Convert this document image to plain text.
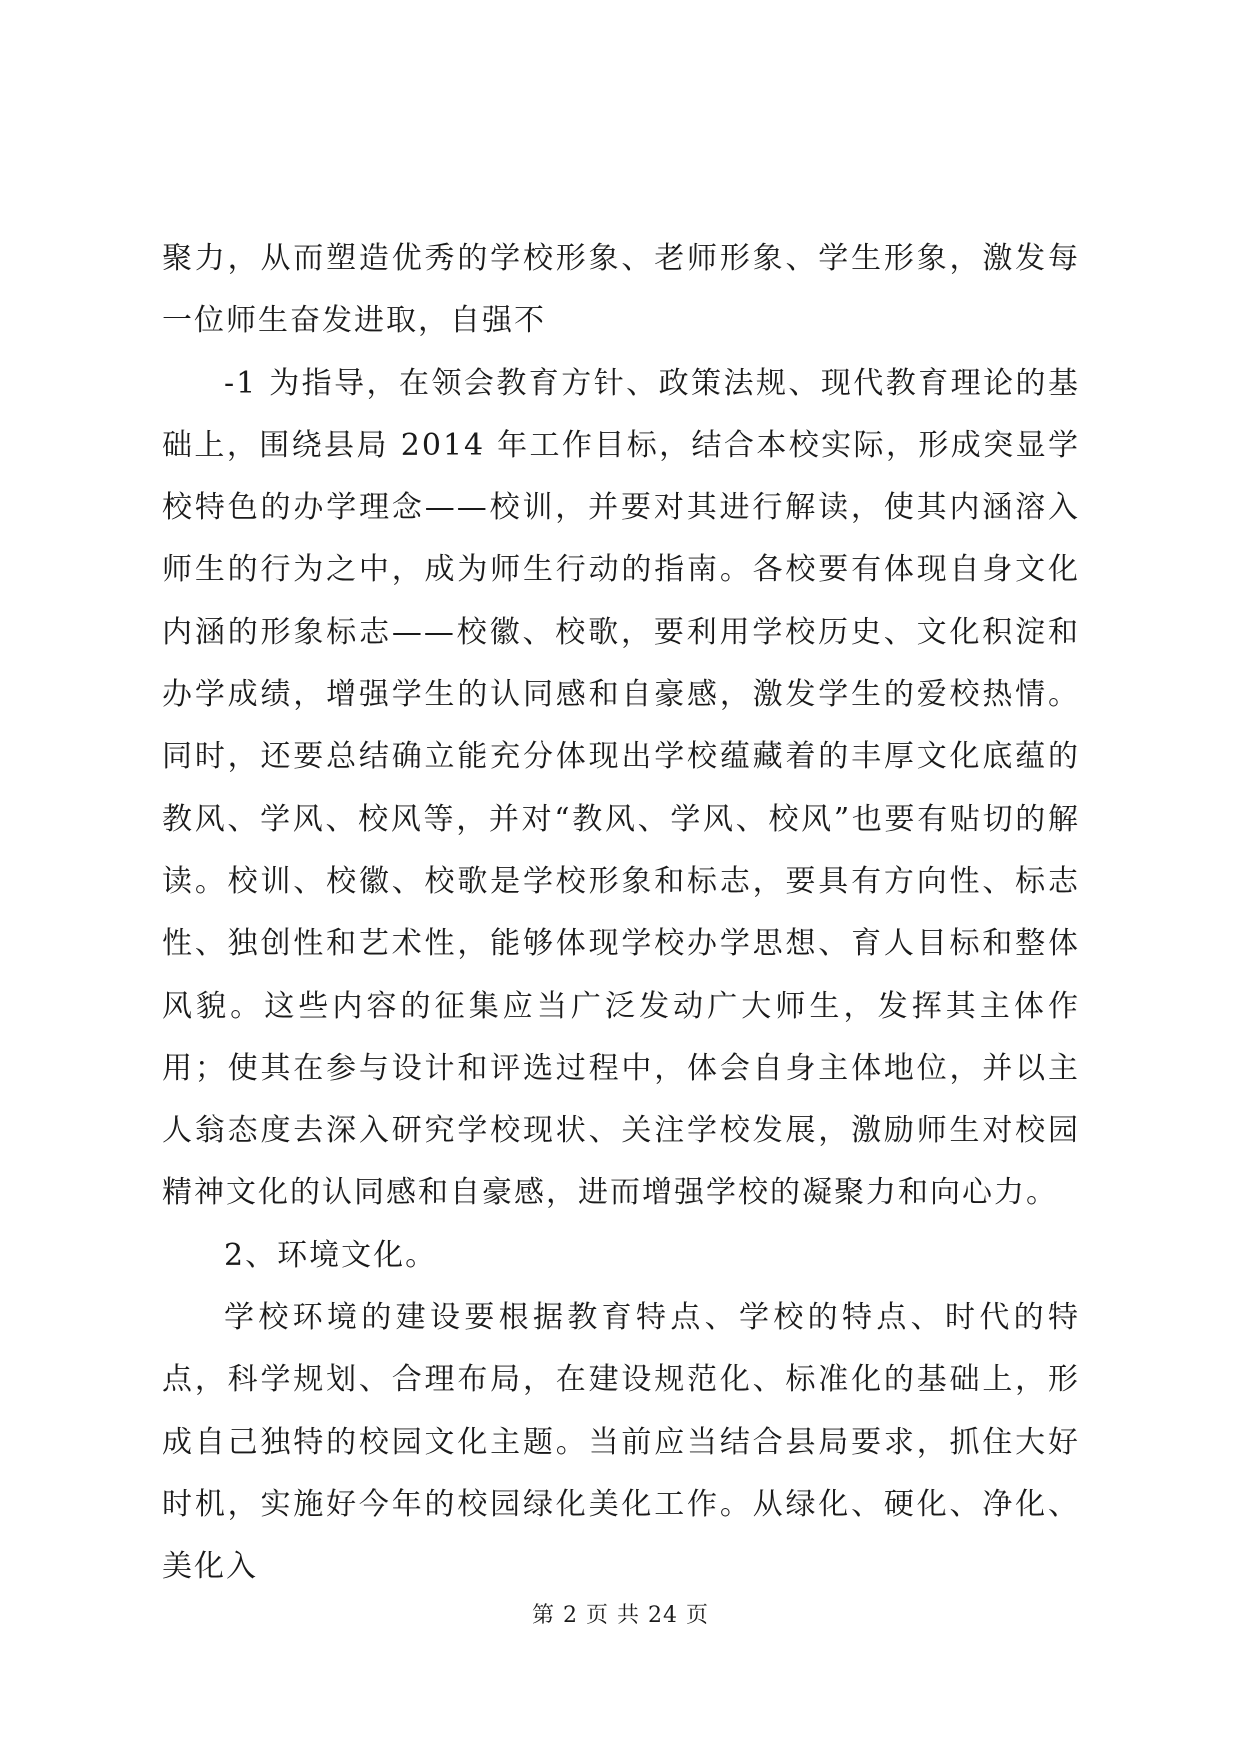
聚力，从而塑造优秀的学校形象、老师形象、学生形象，激发每一位师生奋发进取，自强不

-1 为指导，在领会教育方针、政策法规、现代教育理论的基础上，围绕县局 2014 年工作目标，结合本校实际，形成突显学校特色的办学理念——校训，并要对其进行解读，使其内涵溶入师生的行为之中，成为师生行动的指南。各校要有体现自身文化内涵的形象标志——校徽、校歌，要利用学校历史、文化积淀和办学成绩，增强学生的认同感和自豪感，激发学生的爱校热情。同时，还要总结确立能充分体现出学校蕴藏着的丰厚文化底蕴的教风、学风、校风等，并对“教风、学风、校风”也要有贴切的解读。校训、校徽、校歌是学校形象和标志，要具有方向性、标志性、独创性和艺术性，能够体现学校办学思想、育人目标和整体风貌。这些内容的征集应当广泛发动广大师生，发挥其主体作用；使其在参与设计和评选过程中，体会自身主体地位，并以主人翁态度去深入研究学校现状、关注学校发展，激励师生对校园精神文化的认同感和自豪感，进而增强学校的凝聚力和向心力。

2、环境文化。

学校环境的建设要根据教育特点、学校的特点、时代的特点，科学规划、合理布局，在建设规范化、标准化的基础上，形成自己独特的校园文化主题。当前应当结合县局要求，抓住大好时机，实施好今年的校园绿化美化工作。从绿化、硬化、净化、美化入

第 2 页 共 24 页
